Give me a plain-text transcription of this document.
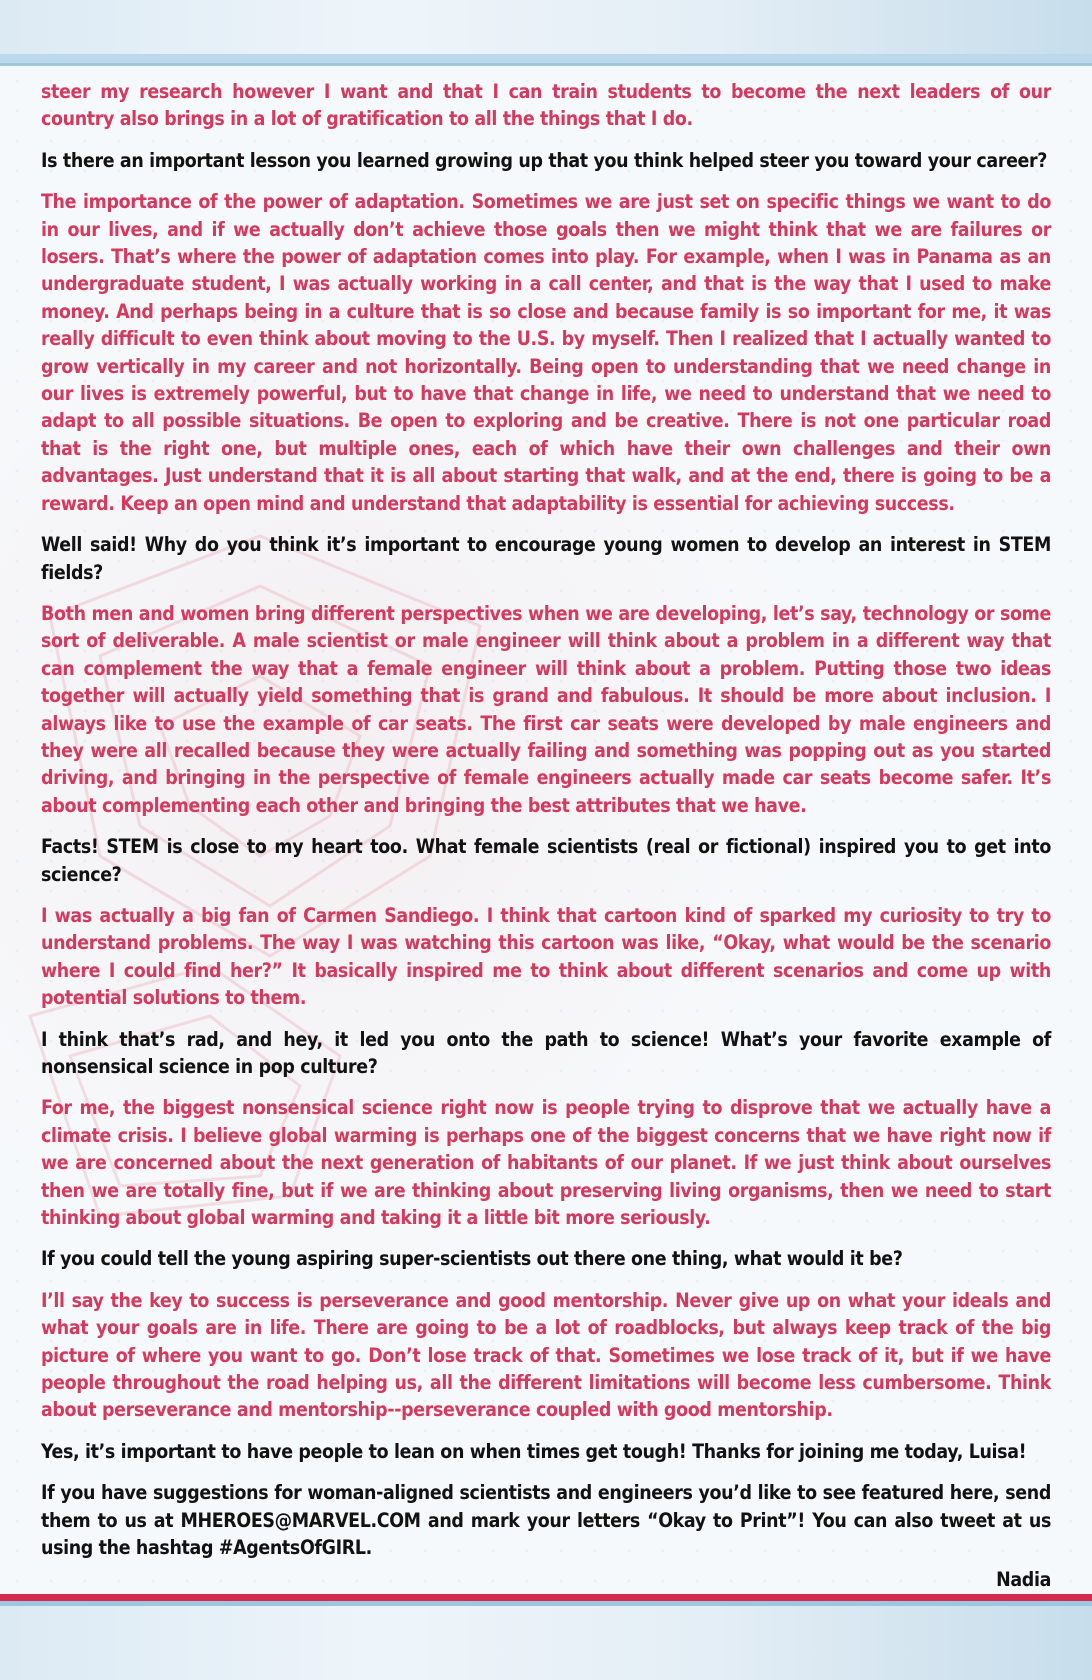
steer my research however I want and that I can train students to become the next leaders of our country also brings in a lot of gratification to all the things that I do.

Is there an important lesson you learned growing up that you think helped steer you toward your career?

The importance of the power of adaptation. Sometimes we are just set on specific things we want to do in our lives, and if we actually don’t achieve those goals then we might think that we are failures or losers. That’s where the power of adaptation comes into play. For example, when I was in Panama as an undergraduate student, I was actually working in a call center, and that is the way that I used to make money. And perhaps being in a culture that is so close and because family is so important for me, it was really difficult to even think about moving to the U.S. by myself. Then I realized that I actually wanted to grow vertically in my career and not horizontally. Being open to understanding that we need change in our lives is extremely powerful, but to have that change in life, we need to understand that we need to adapt to all possible situations. Be open to exploring and be creative. There is not one particular road that is the right one, but multiple ones, each of which have their own challenges and their own advantages. Just understand that it is all about starting that walk, and at the end, there is going to be a reward. Keep an open mind and understand that adaptability is essential for achieving success.

Well said! Why do you think it’s important to encourage young women to develop an interest in STEM fields?

Both men and women bring different perspectives when we are developing, let’s say, technology or some sort of deliverable. A male scientist or male engineer will think about a problem in a different way that can complement the way that a female engineer will think about a problem. Putting those two ideas together will actually yield something that is grand and fabulous. It should be more about inclusion. I always like to use the example of car seats. The first car seats were developed by male engineers and they were all recalled because they were actually failing and something was popping out as you started driving, and bringing in the perspective of female engineers actually made car seats become safer. It’s about complementing each other and bringing the best attributes that we have.

Facts! STEM is close to my heart too. What female scientists (real or fictional) inspired you to get into science?

I was actually a big fan of Carmen Sandiego. I think that cartoon kind of sparked my curiosity to try to understand problems. The way I was watching this cartoon was like, “Okay, what would be the scenario where I could find her?” It basically inspired me to think about different scenarios and come up with potential solutions to them.

I think that’s rad, and hey, it led you onto the path to science! What’s your favorite example of nonsensical science in pop culture?

For me, the biggest nonsensical science right now is people trying to disprove that we actually have a climate crisis. I believe global warming is perhaps one of the biggest concerns that we have right now if we are concerned about the next generation of habitants of our planet. If we just think about ourselves then we are totally fine, but if we are thinking about preserving living organisms, then we need to start thinking about global warming and taking it a little bit more seriously.

If you could tell the young aspiring super-scientists out there one thing, what would it be?

I’ll say the key to success is perseverance and good mentorship. Never give up on what your ideals and what your goals are in life. There are going to be a lot of roadblocks, but always keep track of the big picture of where you want to go. Don’t lose track of that. Sometimes we lose track of it, but if we have people throughout the road helping us, all the different limitations will become less cumbersome. Think about perseverance and mentorship--perseverance coupled with good mentorship.

Yes, it’s important to have people to lean on when times get tough! Thanks for joining me today, Luisa!

If you have suggestions for woman-aligned scientists and engineers you’d like to see featured here, send them to us at MHEROES@MARVEL.COM and mark your letters “Okay to Print”! You can also tweet at us using the hashtag #AgentsOfGIRL.

Nadia
